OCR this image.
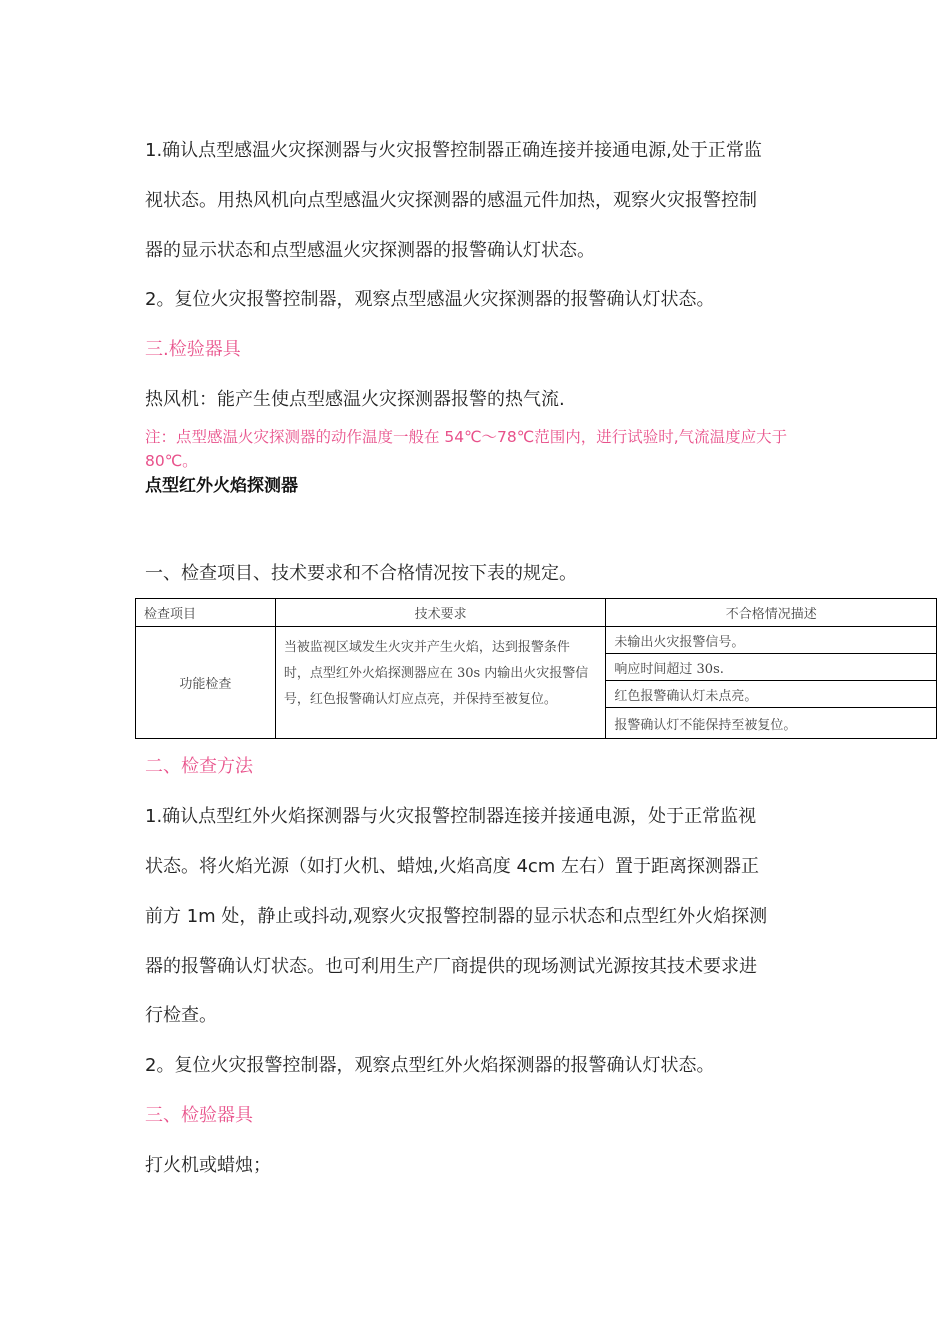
1.确认点型感温火灾探测器与火灾报警控制器正确连接并接通电源,处于正常监
视状态。用热风机向点型感温火灾探测器的感温元件加热，观察火灾报警控制
器的显示状态和点型感温火灾探测器的报警确认灯状态。
2。复位火灾报警控制器，观察点型感温火灾探测器的报警确认灯状态。
三.检验器具
热风机：能产生使点型感温火灾探测器报警的热气流.
注：点型感温火灾探测器的动作温度一般在 54℃～78℃范围内，进行试验时,气流温度应大于 80℃。
点型红外火焰探测器
一、检查项目、技术要求和不合格情况按下表的规定。
检查项目	技术要求	不合格情况描述
功能检查	当被监视区域发生火灾并产生火焰，达到报警条件时，点型红外火焰探测器应在 30s 内输出火灾报警信号，红色报警确认灯应点亮，并保持至被复位。	未输出火灾报警信号。
		响应时间超过 30s.
		红色报警确认灯未点亮。
		报警确认灯不能保持至被复位。
二、检查方法
1.确认点型红外火焰探测器与火灾报警控制器连接并接通电源，处于正常监视
状态。将火焰光源（如打火机、蜡烛,火焰高度 4cm 左右）置于距离探测器正
前方 1m 处，静止或抖动,观察火灾报警控制器的显示状态和点型红外火焰探测
器的报警确认灯状态。也可利用生产厂商提供的现场测试光源按其技术要求进
行检查。
2。复位火灾报警控制器，观察点型红外火焰探测器的报警确认灯状态。
三、检验器具
打火机或蜡烛；
